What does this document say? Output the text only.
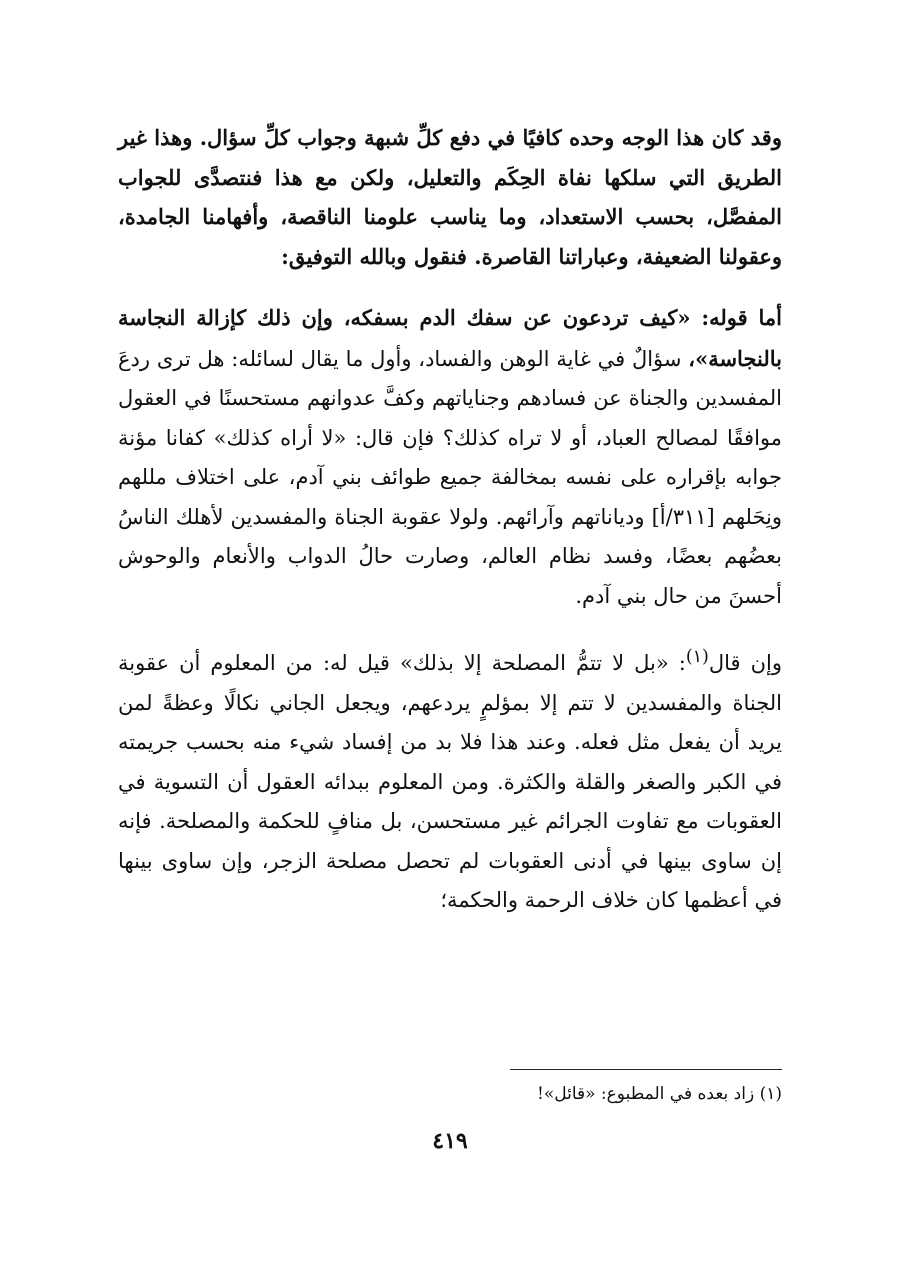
وقد كان هذا الوجه وحده كافيًا في دفع كلِّ شبهة وجواب كلِّ سؤال. وهذا غير الطريق التي سلكها نفاة الحِكَم والتعليل، ولكن مع هذا فنتصدَّى للجواب المفصَّل، بحسب الاستعداد، وما يناسب علومنا الناقصة، وأفهامنا الجامدة، وعقولنا الضعيفة، وعباراتنا القاصرة. فنقول وبالله التوفيق:

أما قوله: «كيف تردعون عن سفك الدم بسفكه، وإن ذلك كإزالة النجاسة بالنجاسة»، سؤالٌ في غاية الوهن والفساد، وأول ما يقال لسائله: هل ترى ردعَ المفسدين والجناة عن فسادهم وجناياتهم وكفَّ عدوانهم مستحسنًا في العقول موافقًا لمصالح العباد، أو لا تراه كذلك؟ فإن قال: «لا أراه كذلك» كفانا مؤنة جوابه بإقراره على نفسه بمخالفة جميع طوائف بني آدم، على اختلاف مللهم ونِحَلهم [٣١١/أ] ودياناتهم وآرائهم. ولولا عقوبة الجناة والمفسدين لأهلك الناسُ بعضُهم بعضًا، وفسد نظام العالم، وصارت حالُ الدواب والأنعام والوحوش أحسنَ من حال بني آدم.

وإن قال$^{(١)}$: «بل لا تتمُّ المصلحة إلا بذلك» قيل له: من المعلوم أن عقوبة الجناة والمفسدين لا تتم إلا بمؤلمٍ يردعهم، ويجعل الجاني نكالًا وعظةً لمن يريد أن يفعل مثل فعله. وعند هذا فلا بد من إفساد شيء منه بحسب جريمته في الكبر والصغر والقلة والكثرة. ومن المعلوم ببدائه العقول أن التسوية في العقوبات مع تفاوت الجرائم غير مستحسن، بل منافٍ للحكمة والمصلحة. فإنه إن ساوى بينها في أدنى العقوبات لم تحصل مصلحة الزجر، وإن ساوى بينها في أعظمها كان خلاف الرحمة والحكمة؛

(١) زاد بعده في المطبوع: «قائل»!
٤١٩
